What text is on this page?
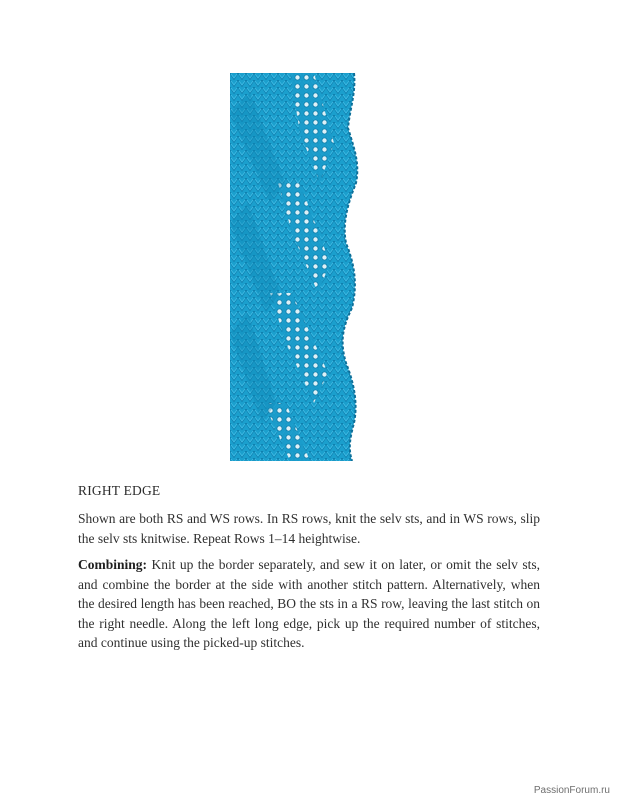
RIGHT EDGE

Shown are both RS and WS rows. In RS rows, knit the selv sts, and in WS rows, slip the selv sts knitwise. Repeat Rows 1–14 heightwise.

Combining: Knit up the border separately, and sew it on later, or omit the selv sts, and combine the border at the side with another stitch pattern. Alternatively, when the desired length has been reached, BO the sts in a RS row, leaving the last stitch on the right needle. Along the left long edge, pick up the required number of stitches, and continue using the picked-up stitches.

PassionForum.ru
